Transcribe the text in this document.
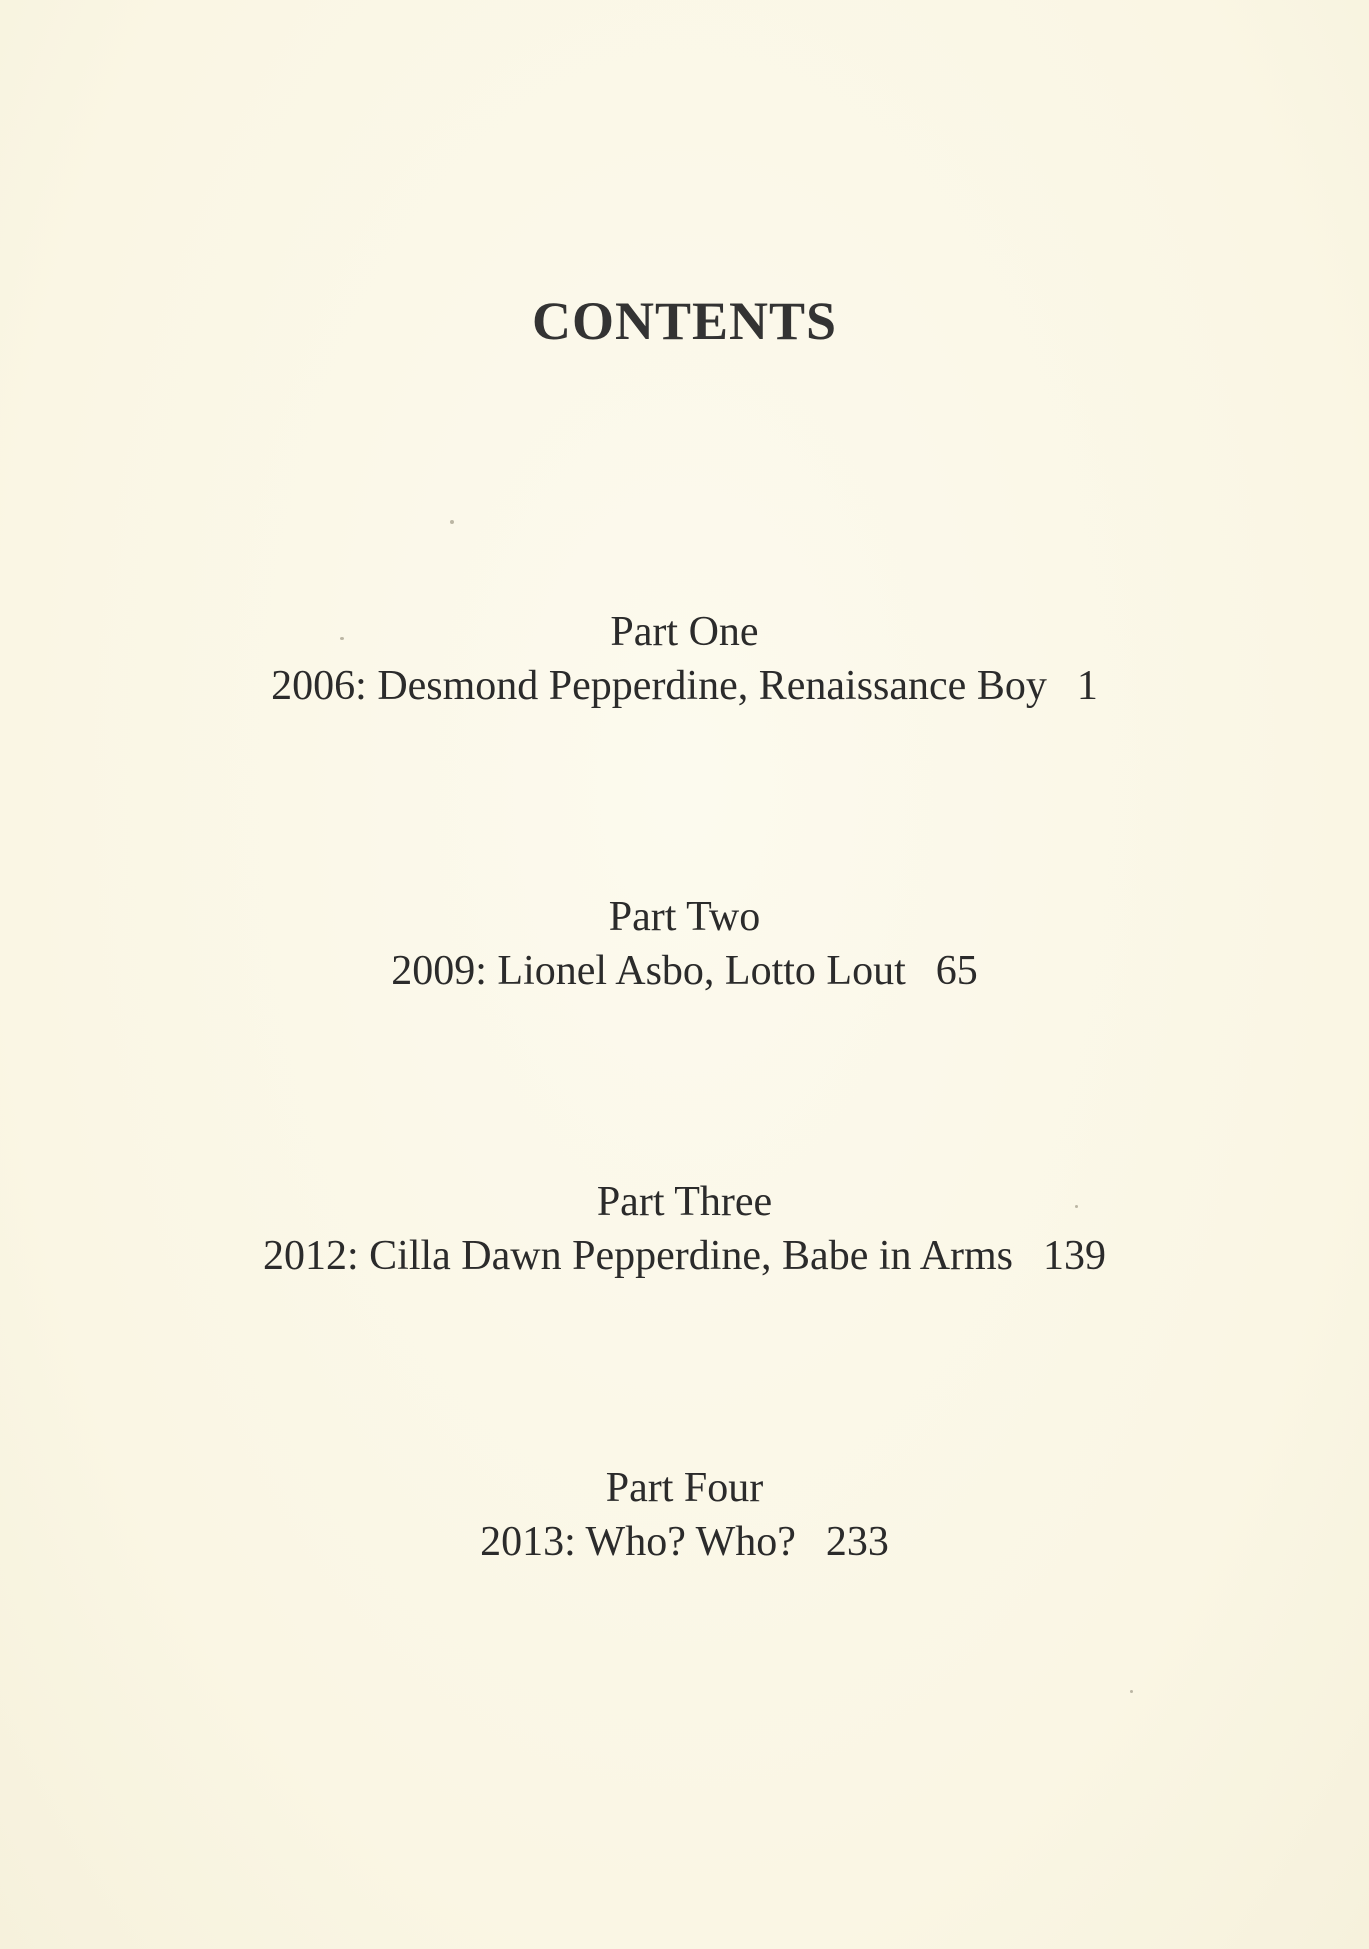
CONTENTS
Part One
2006: Desmond Pepperdine, Renaissance Boy 1
Part Two
2009: Lionel Asbo, Lotto Lout 65
Part Three
2012: Cilla Dawn Pepperdine, Babe in Arms 139
Part Four
2013: Who? Who? 233
